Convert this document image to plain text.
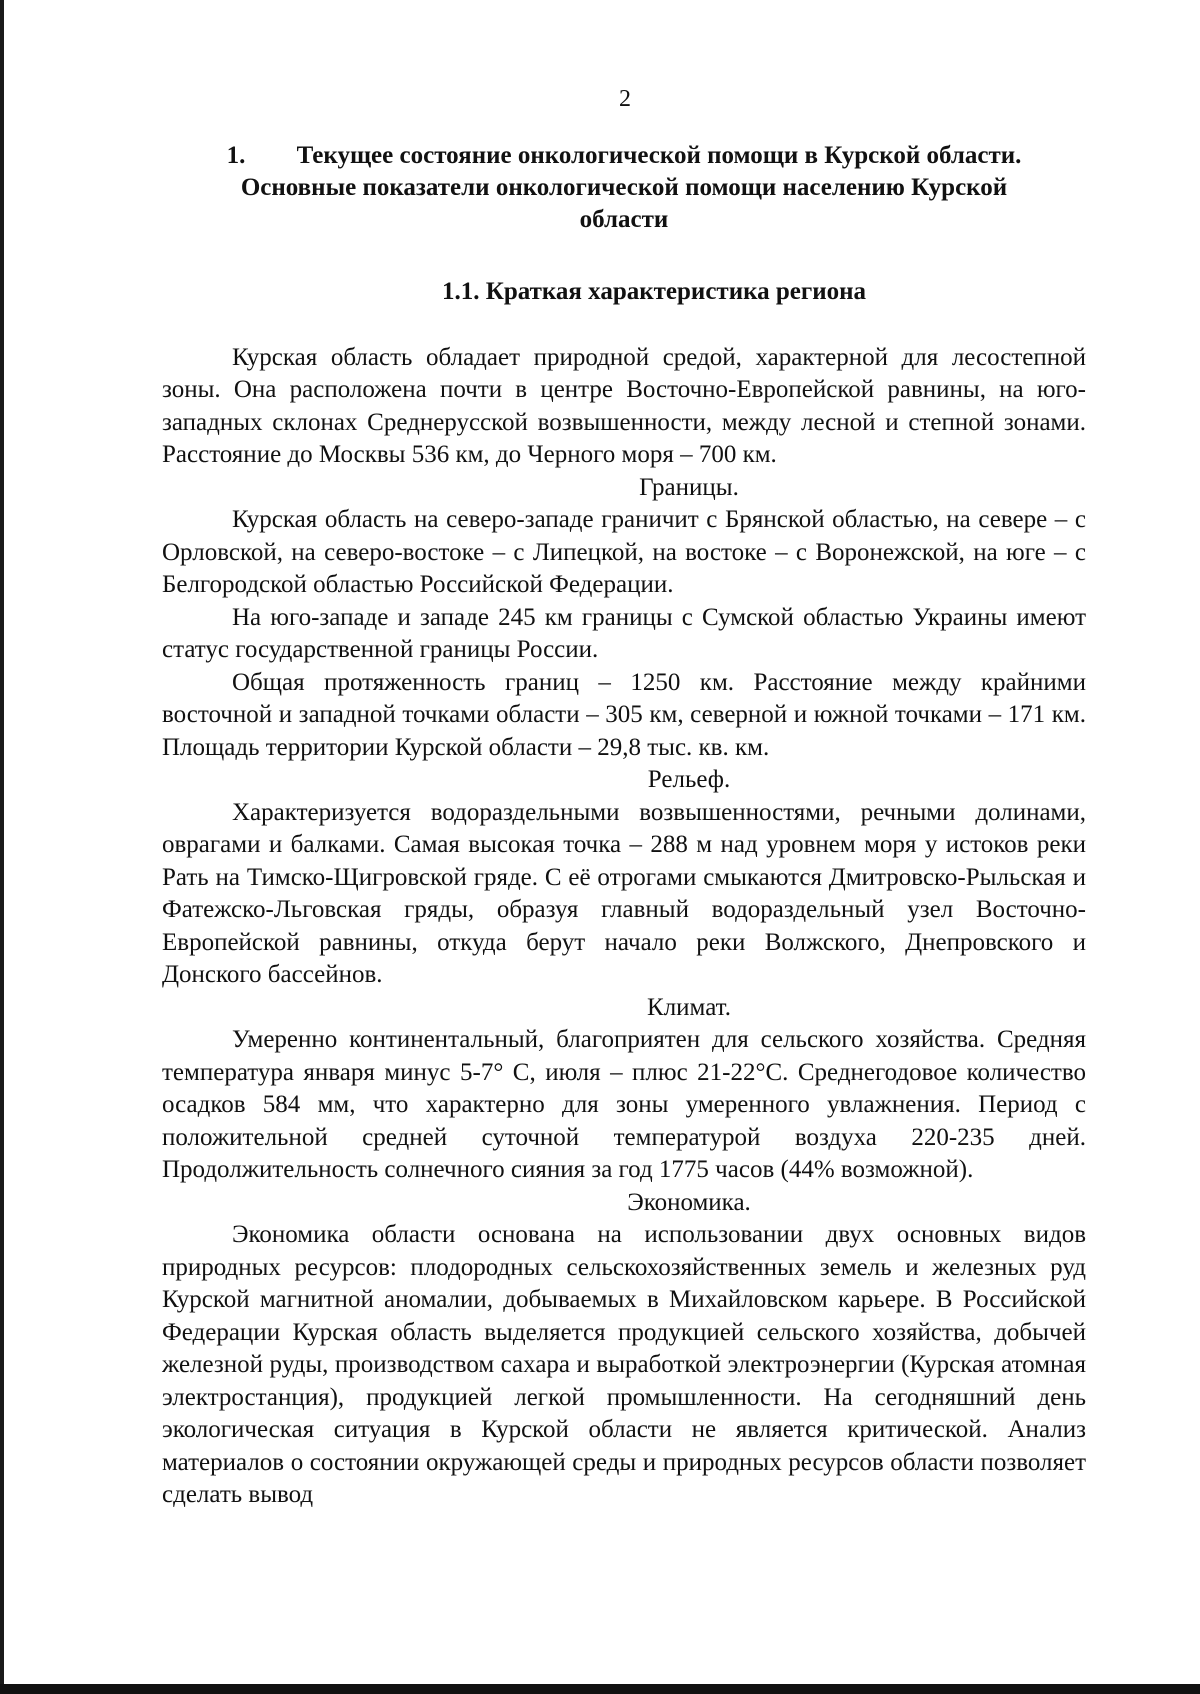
2
1. Текущее состояние онкологической помощи в Курской области.
Основные показатели онкологической помощи населению Курской
области
1.1. Краткая характеристика региона

Курская область обладает природной средой, характерной для лесостепной зоны. Она расположена почти в центре Восточно-Европейской равнины, на юго-западных склонах Среднерусской возвышенности, между лесной и степной зонами. Расстояние до Москвы 536 км, до Черного моря – 700 км.

Границы.

Курская область на северо-западе граничит с Брянской областью, на севере – с Орловской, на северо-востоке – с Липецкой, на востоке – с Воронежской, на юге – с Белгородской областью Российской Федерации.

На юго-западе и западе 245 км границы с Сумской областью Украины имеют статус государственной границы России.

Общая протяженность границ – 1250 км. Расстояние между крайними восточной и западной точками области – 305 км, северной и южной точками – 171 км. Площадь территории Курской области – 29,8 тыс. кв. км.

Рельеф.

Характеризуется водораздельными возвышенностями, речными долинами, оврагами и балками. Самая высокая точка – 288 м над уровнем моря у истоков реки Рать на Тимско-Щигровской гряде. С её отрогами смыкаются Дмитровско-Рыльская и Фатежско-Льговская гряды, образуя главный водораздельный узел Восточно-Европейской равнины, откуда берут начало реки Волжского, Днепровского и Донского бассейнов.

Климат.

Умеренно континентальный, благоприятен для сельского хозяйства. Средняя температура января минус 5-7° С, июля – плюс 21-22°С. Среднегодовое количество осадков 584 мм, что характерно для зоны умеренного увлажнения. Период с положительной средней суточной температурой воздуха 220-235 дней. Продолжительность солнечного сияния за год 1775 часов (44% возможной).

Экономика.

Экономика области основана на использовании двух основных видов природных ресурсов: плодородных сельскохозяйственных земель и железных руд Курской магнитной аномалии, добываемых в Михайловском карьере. В Российской Федерации Курская область выделяется продукцией сельского хозяйства, добычей железной руды, производством сахара и выработкой электроэнергии (Курская атомная электростанция), продукцией легкой промышленности. На сегодняшний день экологическая ситуация в Курской области не является критической. Анализ материалов о состоянии окружающей среды и природных ресурсов области позволяет сделать вывод
